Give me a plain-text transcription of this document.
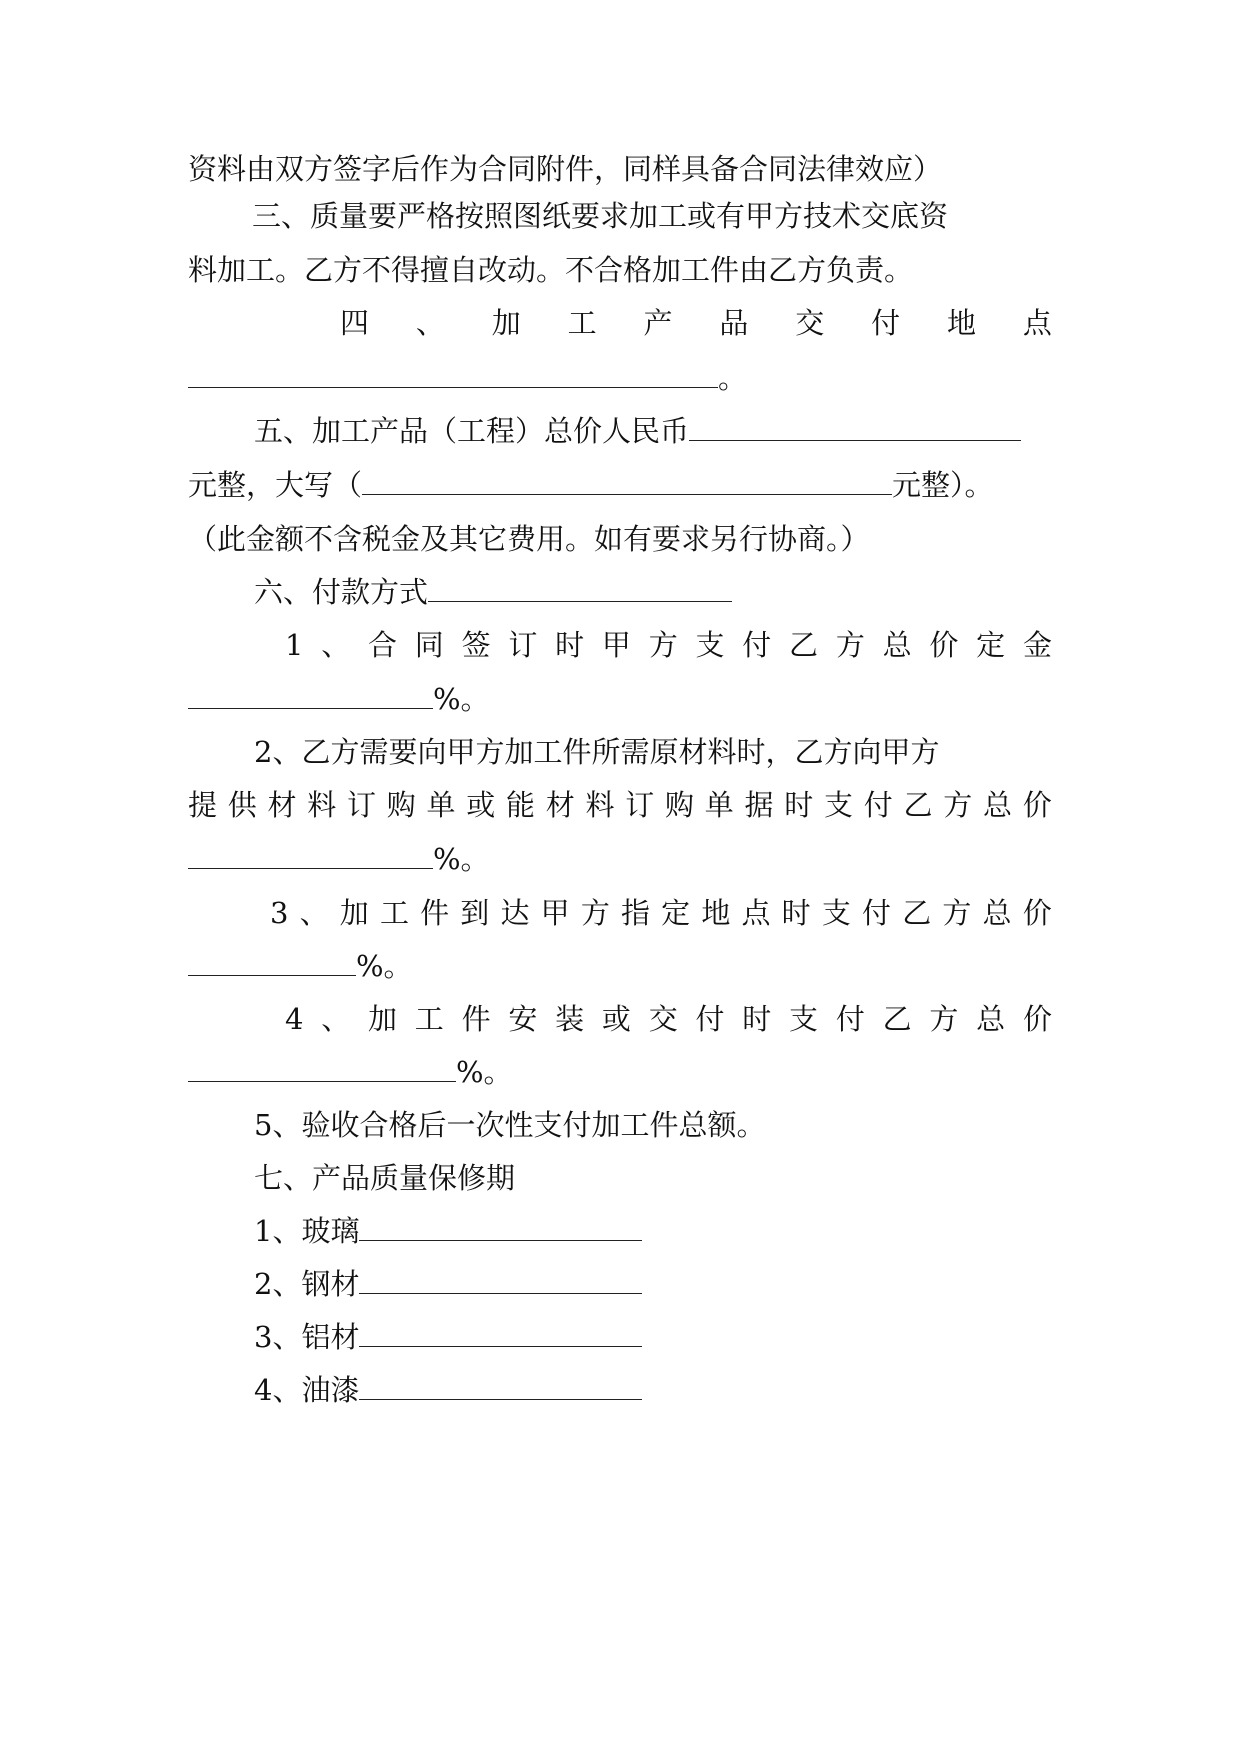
资料由双方签字后作为合同附件，同样具备合同法律效应）
三、质量要严格按照图纸要求加工或有甲方技术交底资
料加工。乙方不得擅自改动。不合格加工件由乙方负责。
四 、 加 工 产 品 交 付 地 点
。
五、加工产品（工程）总价人民币
元整，大写（	元整）。
（此金额不含税金及其它费用。如有要求另行协商。）
六、付款方式
1 、 合 同 签 订 时 甲 方 支 付 乙 方 总 价 定 金
%。
2、乙方需要向甲方加工件所需原材料时，乙方向甲方
提 供 材 料 订 购 单 或 能 材 料 订 购 单 据 时 支 付 乙 方 总 价
%。
3 、 加 工 件 到 达 甲 方 指 定 地 点 时 支 付 乙 方 总 价
%。
4 、 加 工 件 安 装 或 交 付 时 支 付 乙 方 总 价
%。
5、验收合格后一次性支付加工件总额。
七、产品质量保修期
1、玻璃
2、钢材
3、铝材
4、油漆
